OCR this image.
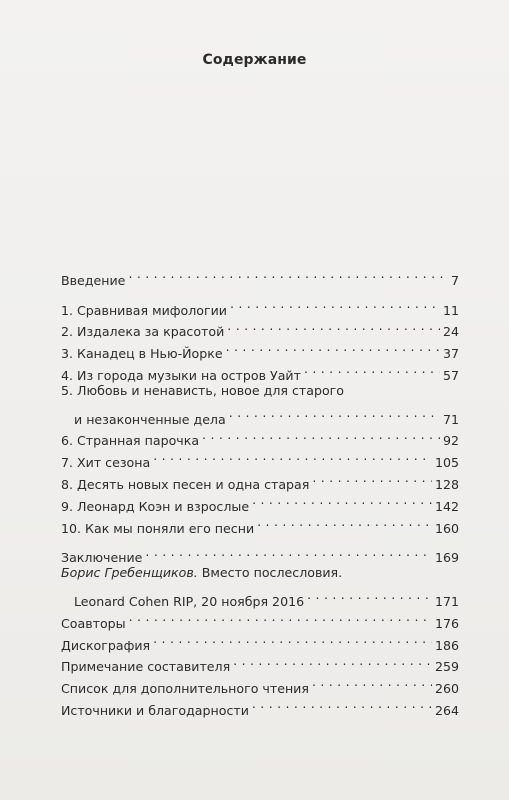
Содержание
Введение . . .	7
1. Сравнивая мифологии . . .	11
2. Издалека за красотой . . .	24
3. Канадец в Нью-Йорке . . .	37
4. Из города музыки на остров Уайт . . .	57
5. Любовь и ненависть, новое для старого
и незаконченные дела . . .	71
6. Странная парочка . . .	92
7. Хит сезона . . .	105
8. Десять новых песен и одна старая . . .	128
9. Леонард Коэн и взрослые . . .	142
10. Как мы поняли его песни . . .	160
Заключение . . .	169
Борис Гребенщиков. Вместо послесловия.
Leonard Cohen RIP, 20 ноября 2016 . . .	171
Соавторы . . .	176
Дискография . . .	186
Примечание составителя . . .	259
Список для дополнительного чтения . . .	260
Источники и благодарности . . .	264
